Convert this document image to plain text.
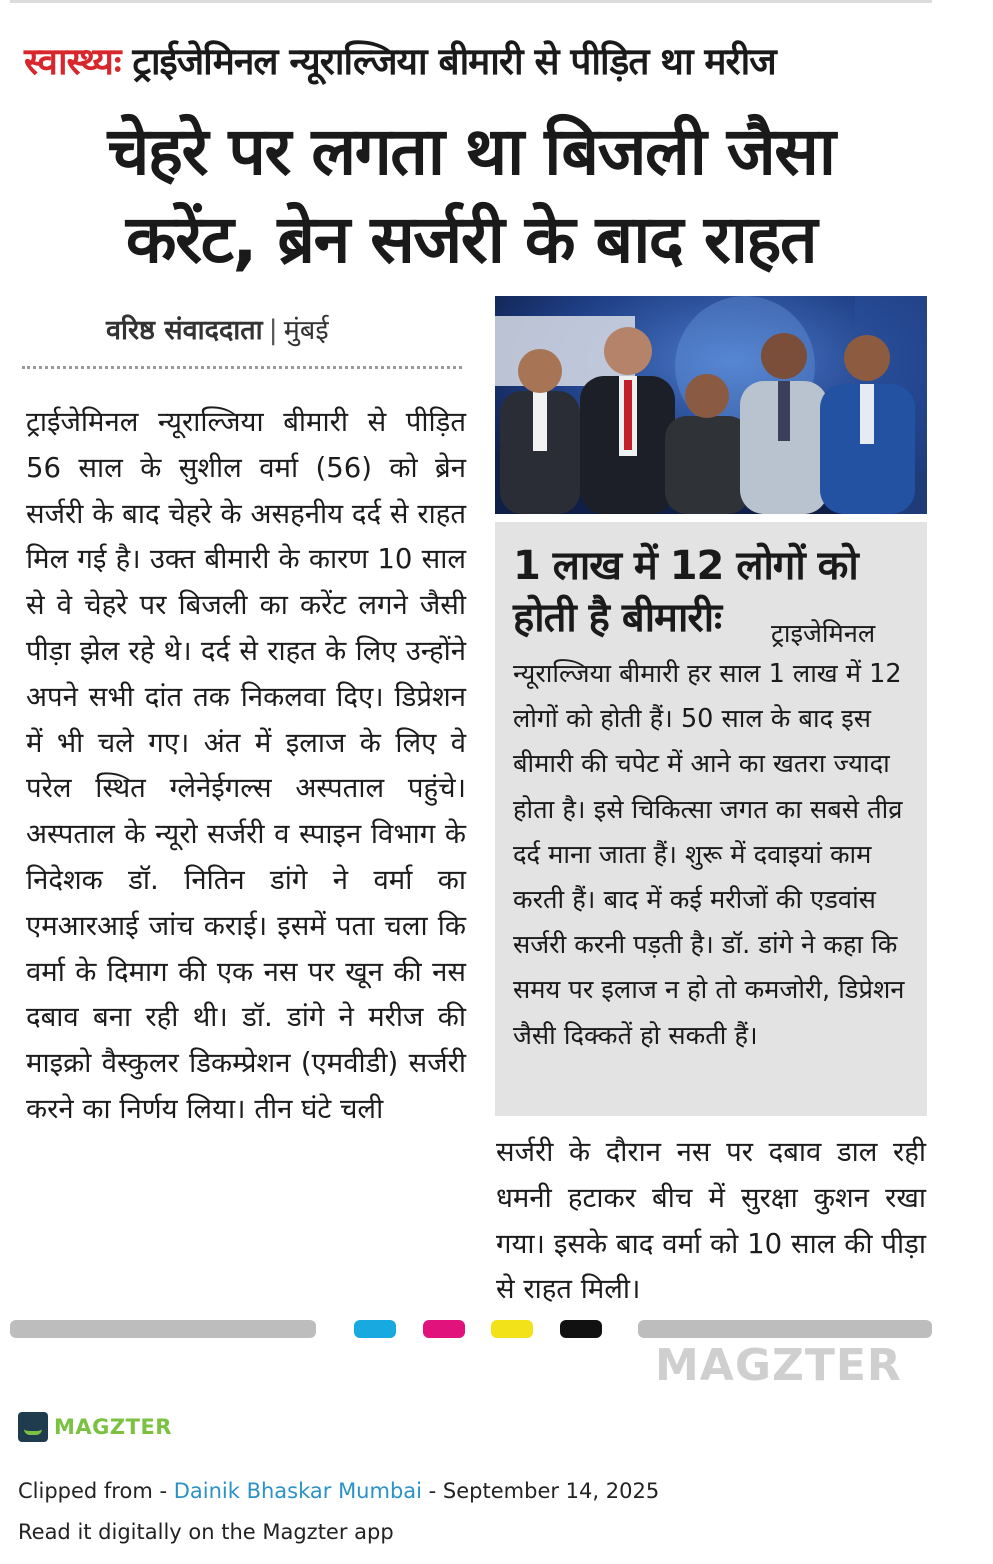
स्वास्थ्यः ट्राईजेमिनल न्यूराल्जिया बीमारी से पीड़ित था मरीज
चेहरे पर लगता था बिजली जैसा
करेंट, ब्रेन सर्जरी के बाद राहत
वरिष्ठ संवाददाता | मुंबई
ट्राईजेमिनल न्यूराल्जिया बीमारी से पीड़ित 56 साल के सुशील वर्मा (56) को ब्रेन सर्जरी के बाद चेहरे के असहनीय दर्द से राहत मिल गई है। उक्त बीमारी के कारण 10 साल से वे चेहरे पर बिजली का करेंट लगने जैसी पीड़ा झेल रहे थे। दर्द से राहत के लिए उन्होंने अपने सभी दांत तक निकलवा दिए। डिप्रेशन में भी चले गए। अंत में इलाज के लिए वे परेल स्थित ग्लेनेईगल्स अस्पताल पहुंचे। अस्पताल के न्यूरो सर्जरी व स्पाइन विभाग के निदेशक डॉ. नितिन डांगे ने वर्मा का एमआरआई जांच कराई। इसमें पता चला कि वर्मा के दिमाग की एक नस पर खून की नस दबाव बना रही थी। डॉ. डांगे ने मरीज की माइक्रो वैस्कुलर डिकम्प्रेशन (एमवीडी) सर्जरी करने का निर्णय लिया। तीन घंटे चली
1 लाख में 12 लोगों को होती है बीमारीः	ट्राइजेमिनल
न्यूराल्जिया बीमारी हर साल 1 लाख में 12 लोगों को होती हैं। 50 साल के बाद इस बीमारी की चपेट में आने का खतरा ज्यादा होता है। इसे चिकित्सा जगत का सबसे तीव्र दर्द माना जाता हैं। शुरू में दवाइयां काम करती हैं। बाद में कई मरीजों की एडवांस सर्जरी करनी पड़ती है। डॉ. डांगे ने कहा कि समय पर इलाज न हो तो कमजोरी, डिप्रेशन जैसी दिक्कतें हो सकती हैं।
सर्जरी के दौरान नस पर दबाव डाल रही धमनी हटाकर बीच में सुरक्षा कुशन रखा गया। इसके बाद वर्मा को 10 साल की पीड़ा से राहत मिली।
MAGZTER
MAGZTER
Clipped from - Dainik Bhaskar Mumbai - September 14, 2025
Read it digitally on the Magzter app
